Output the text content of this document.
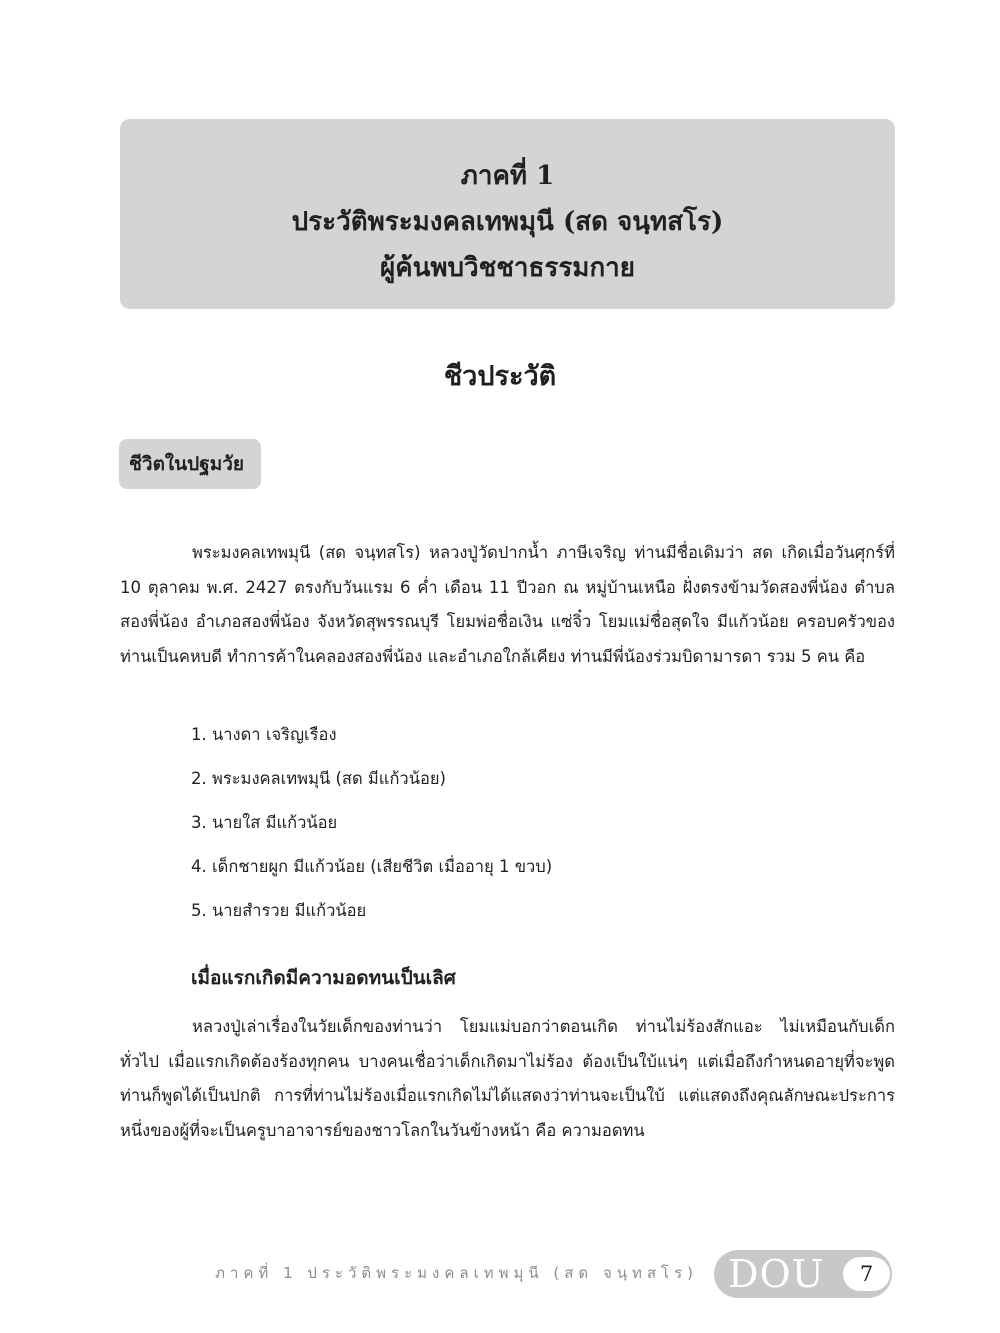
ภาคที่ 1
ประวัติพระมงคลเทพมุนี (สด จนฺทสโร)
ผู้ค้นพบวิชชาธรรมกาย
ชีวประวัติ
ชีวิตในปฐมวัย

พระมงคลเทพมุนี (สด จนฺทสโร) หลวงปู่วัดปากน้ำ ภาษีเจริญ ท่านมีชื่อเดิมว่า สด เกิดเมื่อวันศุกร์ที่ 10 ตุลาคม พ.ศ. 2427 ตรงกับวันแรม 6 ค่ำ เดือน 11 ปีวอก ณ หมู่บ้านเหนือ ฝั่งตรงข้ามวัดสองพี่น้อง ตำบลสองพี่น้อง อำเภอสองพี่น้อง จังหวัดสุพรรณบุรี โยมพ่อชื่อเงิน แซ่จิ๋ว โยมแม่ชื่อสุดใจ มีแก้วน้อย ครอบครัวของท่านเป็นคหบดี ทำการค้าในคลองสองพี่น้อง และอำเภอใกล้เคียง ท่านมีพี่น้องร่วมบิดามารดา รวม 5 คน คือ

1. นางดา เจริญเรือง
2. พระมงคลเทพมุนี (สด มีแก้วน้อย)
3. นายใส มีแก้วน้อย
4. เด็กชายผูก มีแก้วน้อย (เสียชีวิต เมื่ออายุ 1 ขวบ)
5. นายสำรวย มีแก้วน้อย
เมื่อแรกเกิดมีความอดทนเป็นเลิศ

หลวงปู่เล่าเรื่องในวัยเด็กของท่านว่า โยมแม่บอกว่าตอนเกิด ท่านไม่ร้องสักแอะ ไม่เหมือนกับเด็กทั่วไป เมื่อแรกเกิดต้องร้องทุกคน บางคนเชื่อว่าเด็กเกิดมาไม่ร้อง ต้องเป็นใบ้แน่ๆ แต่เมื่อถึงกำหนดอายุที่จะพูด ท่านก็พูดได้เป็นปกติ การที่ท่านไม่ร้องเมื่อแรกเกิดไม่ได้แสดงว่าท่านจะเป็นใบ้ แต่แสดงถึงคุณลักษณะประการหนึ่งของผู้ที่จะเป็นครูบาอาจารย์ของชาวโลกในวันข้างหน้า คือ ความอดทน

ภาคที่ 1 ประวัติพระมงคลเทพมุนี (สด จนฺทสโร) DOU	7
